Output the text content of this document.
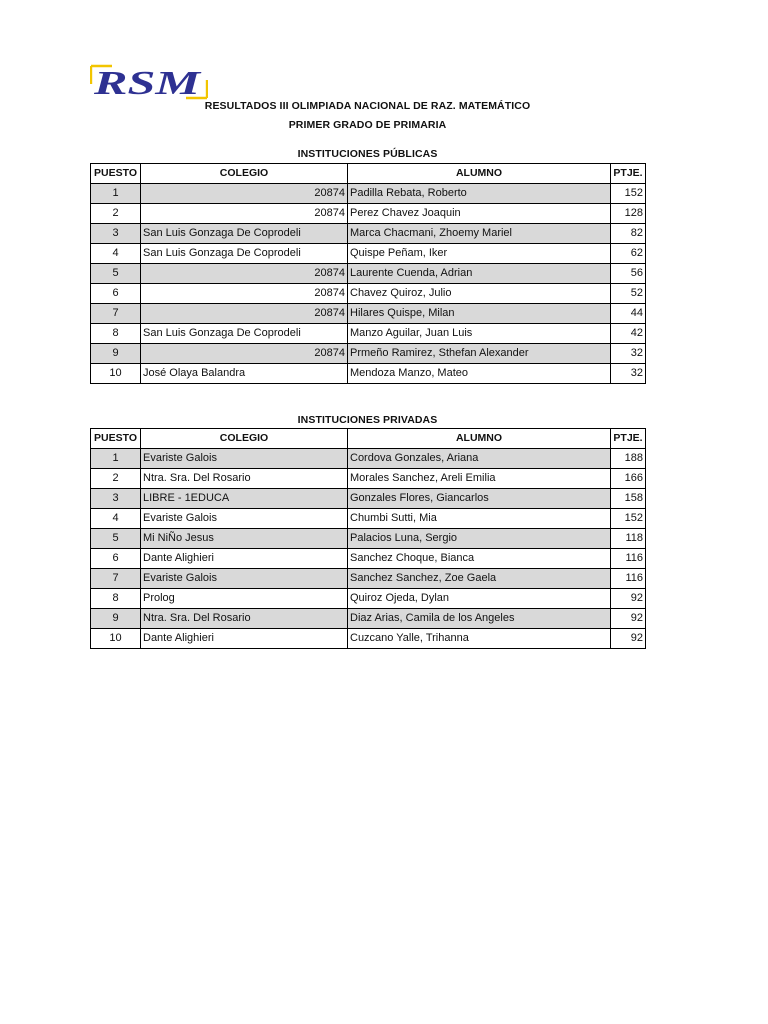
RSM
RESULTADOS III OLIMPIADA NACIONAL DE RAZ. MATEMÁTICO
PRIMER GRADO DE PRIMARIA
INSTITUCIONES PÚBLICAS
PUESTO	COLEGIO	ALUMNO	PTJE.
1	20874	Padilla Rebata, Roberto	152
2	20874	Perez Chavez Joaquin	128
3	San Luis Gonzaga De Coprodeli	Marca Chacmani, Zhoemy Mariel	82
4	San Luis Gonzaga De Coprodeli	Quispe Peñam, Iker	62
5	20874	Laurente Cuenda, Adrian	56
6	20874	Chavez Quiroz, Julio	52
7	20874	Hilares Quispe, Milan	44
8	San Luis Gonzaga De Coprodeli	Manzo Aguilar, Juan Luis	42
9	20874	Prmeño Ramirez, Sthefan Alexander	32
10	José Olaya Balandra	Mendoza Manzo, Mateo	32
INSTITUCIONES PRIVADAS
PUESTO	COLEGIO	ALUMNO	PTJE.
1	Evariste Galois	Cordova Gonzales, Ariana	188
2	Ntra. Sra. Del Rosario	Morales Sanchez, Areli Emilia	166
3	LIBRE - 1EDUCA	Gonzales Flores, Giancarlos	158
4	Evariste Galois	Chumbi Sutti, Mia	152
5	Mi NiÑo Jesus	Palacios Luna, Sergio	118
6	Dante Alighieri	Sanchez Choque, Bianca	116
7	Evariste Galois	Sanchez Sanchez, Zoe Gaela	116
8	Prolog	Quiroz Ojeda, Dylan	92
9	Ntra. Sra. Del Rosario	Diaz Arias, Camila de los Angeles	92
10	Dante Alighieri	Cuzcano Yalle, Trihanna	92
